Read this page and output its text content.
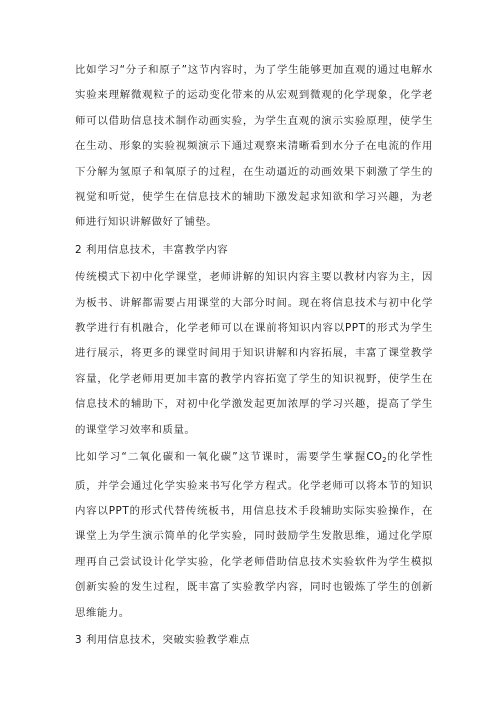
比如学习“分子和原子”这节内容时，为了学生能够更加直观的通过电解水实验来理解微观粒子的运动变化带来的从宏观到微观的化学现象，化学老师可以借助信息技术制作动画实验，为学生直观的演示实验原理，使学生在生动、形象的实验视频演示下通过观察来清晰看到水分子在电流的作用下分解为氢原子和氧原子的过程，在生动逼近的动画效果下刺激了学生的视觉和听觉，使学生在信息技术的辅助下激发起求知欲和学习兴趣，为老师进行知识讲解做好了铺垫。

2 利用信息技术，丰富教学内容

传统模式下初中化学课堂，老师讲解的知识内容主要以教材内容为主，因为板书、讲解都需要占用课堂的大部分时间。现在将信息技术与初中化学教学进行有机融合，化学老师可以在课前将知识内容以PPT的形式为学生进行展示，将更多的课堂时间用于知识讲解和内容拓展，丰富了课堂教学容量，化学老师用更加丰富的教学内容拓宽了学生的知识视野，使学生在信息技术的辅助下，对初中化学激发起更加浓厚的学习兴趣，提高了学生的课堂学习效率和质量。

比如学习“二氧化碳和一氧化碳”这节课时，需要学生掌握$CO_2$的化学性质，并学会通过化学实验来书写化学方程式。化学老师可以将本节的知识内容以PPT的形式代替传统板书，用信息技术手段辅助实际实验操作，在课堂上为学生演示简单的化学实验，同时鼓励学生发散思维，通过化学原理再自己尝试设计化学实验，化学老师借助信息技术实验软件为学生模拟创新实验的发生过程，既丰富了实验教学内容，同时也锻炼了学生的创新思维能力。

3 利用信息技术，突破实验教学难点
